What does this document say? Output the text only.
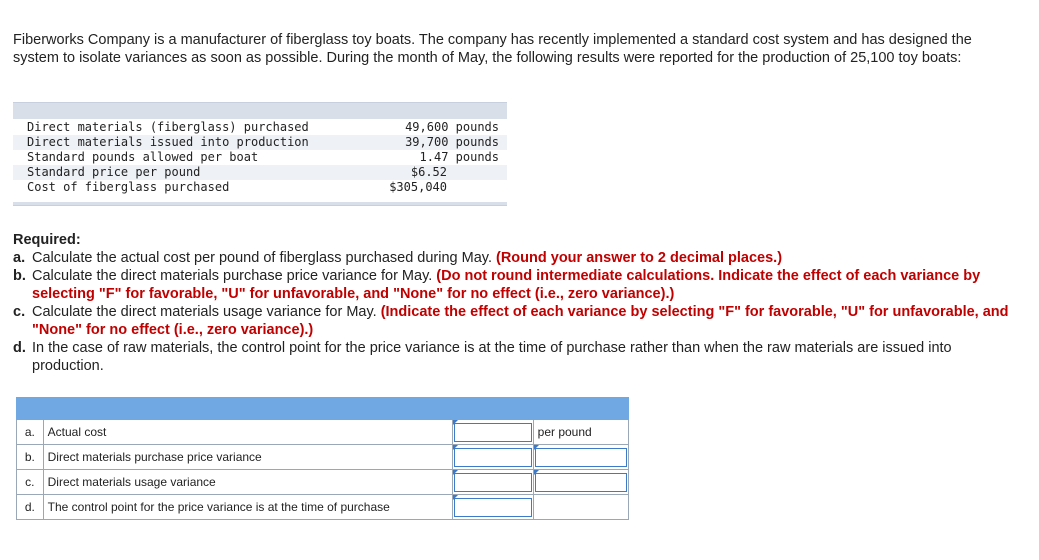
Fiberworks Company is a manufacturer of fiberglass toy boats. The company has recently implemented a standard cost system and has designed the system to isolate variances as soon as possible. During the month of May, the following results were reported for the production of 25,100 toy boats:
Direct materials (fiberglass) purchased	49,600 pounds
Direct materials issued into production	39,700 pounds
Standard pounds allowed per boat	1.47 pounds
Standard price per pound	$6.52
Cost of fiberglass purchased	$305,040
Required:
a. Calculate the actual cost per pound of fiberglass purchased during May. (Round your answer to 2 decimal places.)
b. Calculate the direct materials purchase price variance for May. (Do not round intermediate calculations. Indicate the effect of each variance by selecting "F" for favorable, "U" for unfavorable, and "None" for no effect (i.e., zero variance).)
c. Calculate the direct materials usage variance for May. (Indicate the effect of each variance by selecting "F" for favorable, "U" for unfavorable, and "None" for no effect (i.e., zero variance).)
d. In the case of raw materials, the control point for the price variance is at the time of purchase rather than when the raw materials are issued into production.

a.	Actual cost		per pound
b.	Direct materials purchase price variance	

c.	Direct materials usage variance	

d.	The control point for the price variance is at the time of purchase	
